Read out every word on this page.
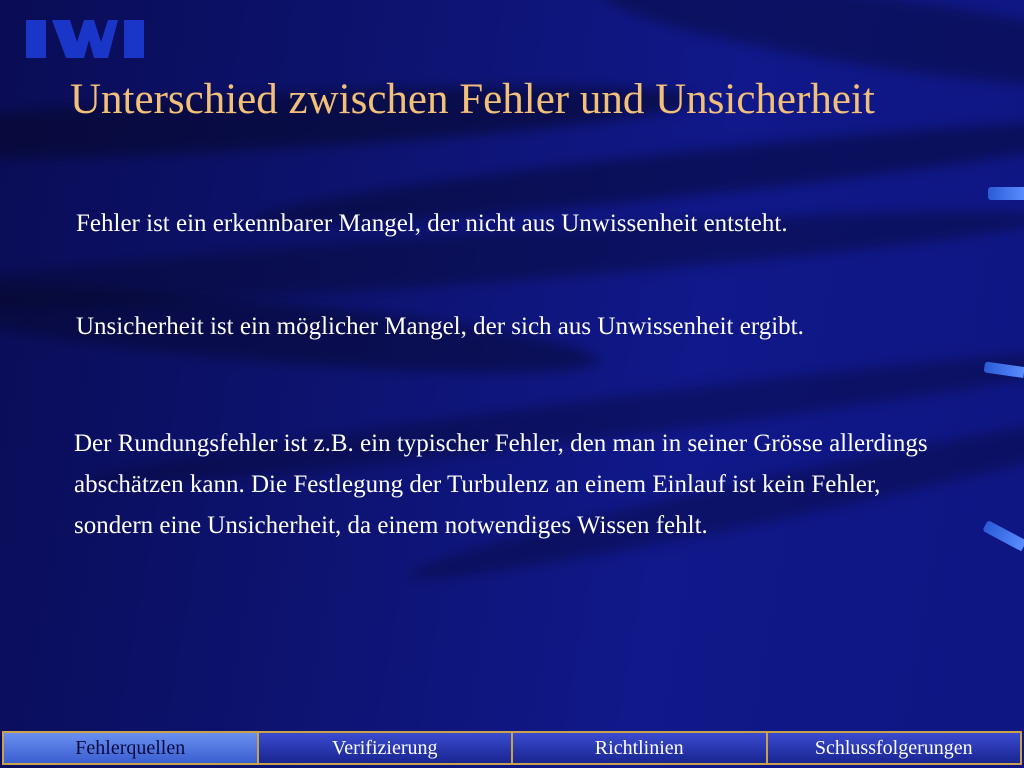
Unterschied zwischen Fehler und Unsicherheit

Fehler ist ein erkennbarer Mangel, der nicht aus Unwissenheit entsteht.

Unsicherheit ist ein möglicher Mangel, der sich aus Unwissenheit ergibt.

Der Rundungsfehler ist z.B. ein typischer Fehler, den man in seiner Grösse allerdings abschätzen kann. Die Festlegung der Turbulenz an einem Einlauf ist kein Fehler, sondern eine Unsicherheit, da einem notwendiges Wissen fehlt.

Fehlerquellen	Verifizierung	Richtlinien	Schlussfolgerungen
